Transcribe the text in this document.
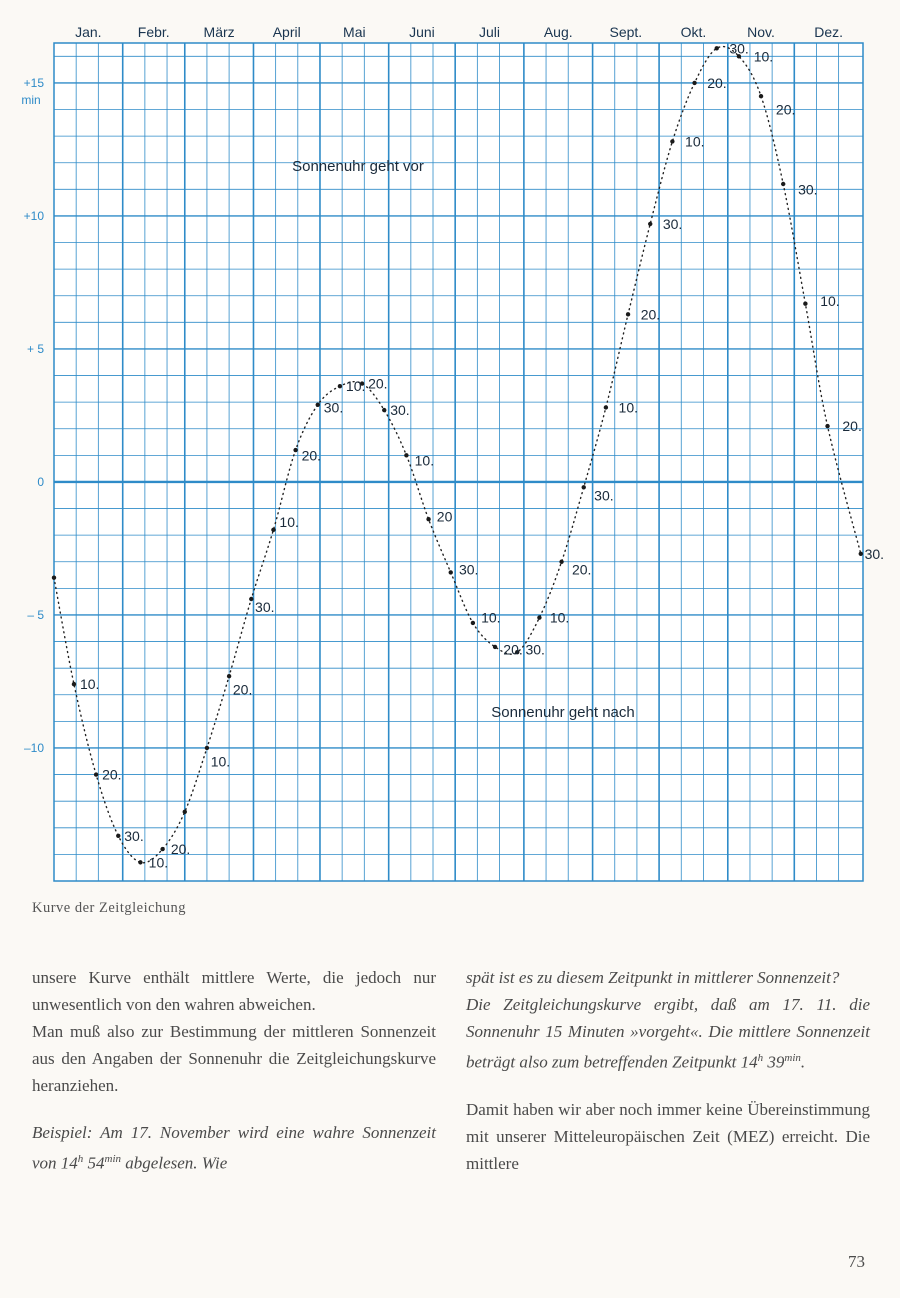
Jan.	Febr. März	April	Mai	Juni	Juli	Aug.	Sept.	Okt.	Nov.	Dez.
min
+15
+10
+ 5
0
– 5
–10
Sonnenuhr geht vor
Sonnenuhr geht nach
10.
20.
30.
10.
20.
10.
20.
30.
10.
20.
30.
10. 20.
30.
10.
20
30.
10.
20. 30.
10.
20.
30.
10.
20.
30.
10.
20.
30. 10.
20.
30.
10.
20.
30.
Kurve der Zeitgleichung

unsere Kurve enthält mittlere Werte, die jedoch nur unwesentlich von den wahren abweichen.

Man muß also zur Bestimmung der mittleren Sonnenzeit aus den Angaben der Sonnenuhr die Zeitgleichungskurve heranziehen.

Beispiel: Am 17. November wird eine wahre Sonnenzeit von 14$^h$ $54^{min}$ abgelesen. Wie

spät ist es zu diesem Zeitpunkt in mittlerer Sonnenzeit?

Die Zeitgleichungskurve ergibt, daß am 17. 11. die Sonnenuhr 15 Minuten »vorgeht«. Die mittlere Sonnenzeit beträgt also zum betreffenden Zeitpunkt 14$^h$ $39^{min}$.

Damit haben wir aber noch immer keine Übereinstimmung mit unserer Mitteleuropäischen Zeit (MEZ) erreicht. Die mittlere

73
